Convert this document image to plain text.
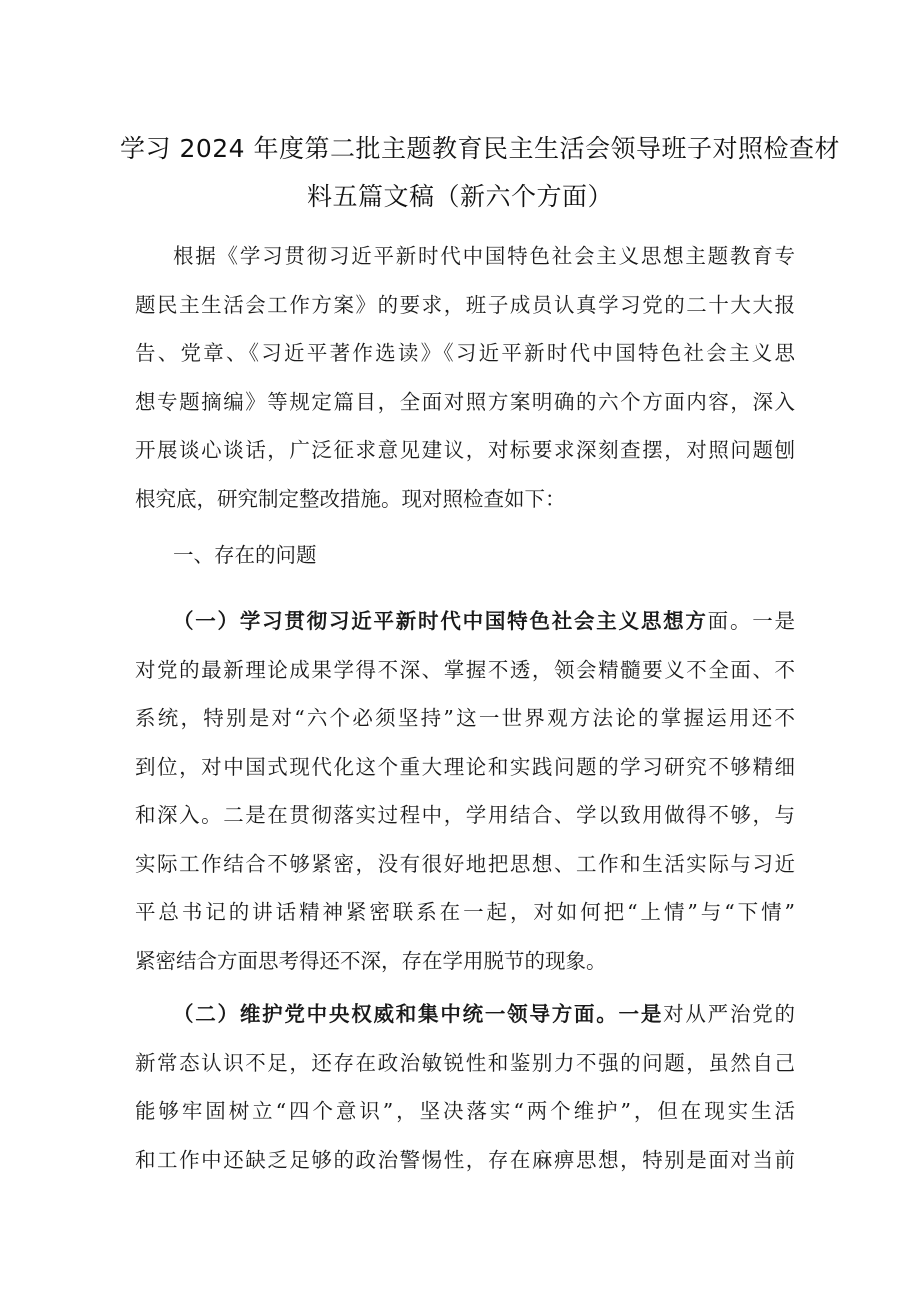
学习 2024 年度第二批主题教育民主生活会领导班子对照检查材
料五篇文稿（新六个方面）
根据《学习贯彻习近平新时代中国特色社会主义思想主题教育专
题民主生活会工作方案》的要求，班子成员认真学习党的二十大大报
告、党章、《习近平著作选读》《习近平新时代中国特色社会主义思
想专题摘编》等规定篇目，全面对照方案明确的六个方面内容，深入
开展谈心谈话，广泛征求意见建议，对标要求深刻查摆，对照问题刨
根究底，研究制定整改措施。现对照检查如下：
一、存在的问题
（一）学习贯彻习近平新时代中国特色社会主义思想方面。一是
对党的最新理论成果学得不深、掌握不透，领会精髓要义不全面、不
系统，特别是对“六个必须坚持”这一世界观方法论的掌握运用还不
到位，对中国式现代化这个重大理论和实践问题的学习研究不够精细
和深入。二是在贯彻落实过程中，学用结合、学以致用做得不够，与
实际工作结合不够紧密，没有很好地把思想、工作和生活实际与习近
平总书记的讲话精神紧密联系在一起，对如何把“上情”与“下情”
紧密结合方面思考得还不深，存在学用脱节的现象。
（二）维护党中央权威和集中统一领导方面。一是对从严治党的
新常态认识不足，还存在政治敏锐性和鉴别力不强的问题，虽然自己
能够牢固树立“四个意识”，坚决落实“两个维护”，但在现实生活
和工作中还缺乏足够的政治警惕性，存在麻痹思想，特别是面对当前
